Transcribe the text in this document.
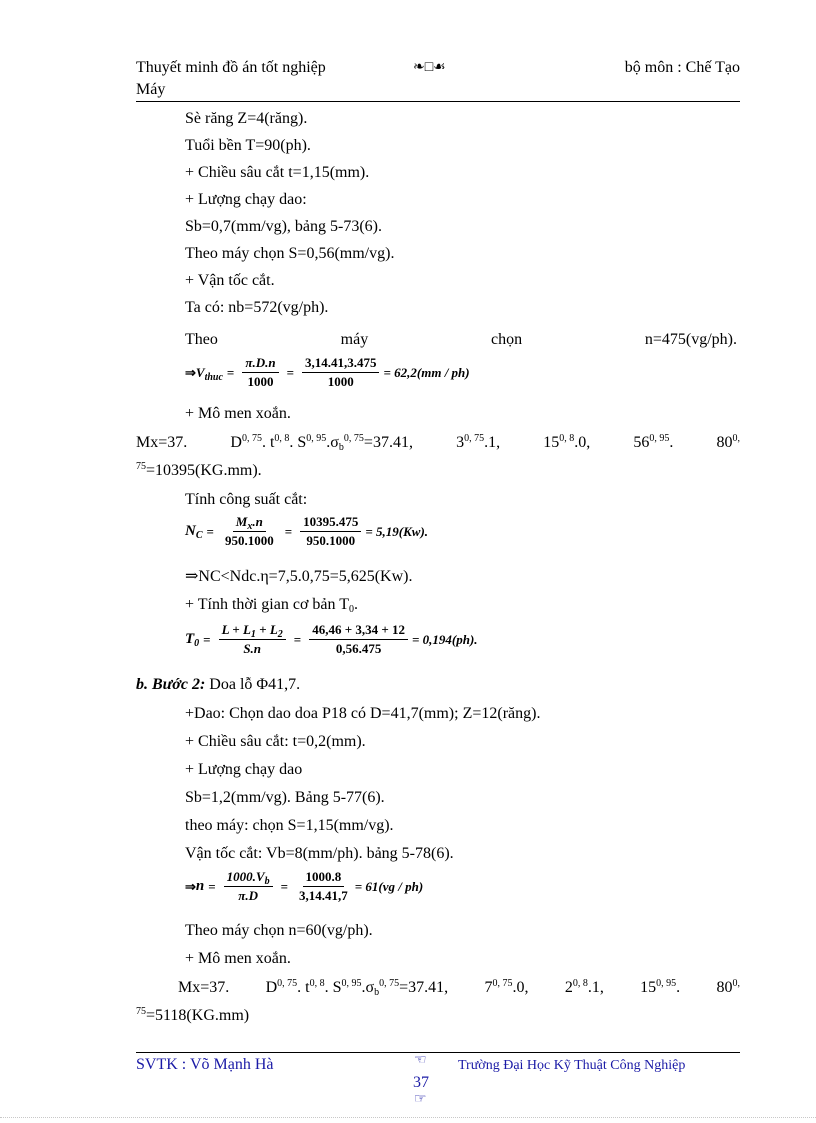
Thuyết minh đồ án tốt nghiệp	❧□☙	bộ môn : Chế Tạo
Máy
Sè răng Z=4(răng).
Tuổi bền T=90(ph).
+ Chiều sâu cắt t=1,15(mm).
+ Lượng chạy dao:
Sb=0,7(mm/vg), bảng 5-73(6).
Theo máy chọn S=0,56(mm/vg).
+ Vận tốc cắt.
Ta có: nb=572(vg/ph).
Theo	máy	chọn	n=475(vg/ph).
⇒ $V_{thuc} = \frac{\pi.D.n}{1000} = \frac{3,14.41,3.475}{1000} = 62,2(mm / ph)$
+ Mô men xoắn.
Mx=37.	D$^{0, 75}$. $t^{0, 8}$. $S^{0, 95}.\sigma_b^{0, 75}=37.41$,	3$^{0, 75}$.1,	15$^{0, 8}$.0,	56$^{0, 95}$.	$80^{0,}$
$^{75}$=10395(KG.mm).
Tính công suất cắt:
$N_C = \frac{M_x.n}{950.1000} = \frac{10395.475}{950.1000} = 5,19(Kw)$.
⇒NC<Ndc.η=7,5.0,75=5,625(Kw).
+ Tính thời gian cơ bản $T_0$.
$T_0 = \frac{L + L_1 + L_2}{S.n} = \frac{46,46 + 3,34 + 12}{0,56.475} = 0,194(ph)$.
b. Bước 2: Doa lỗ Φ41,7.
+Dao: Chọn dao doa P18 có D=41,7(mm); Z=12(răng).
+ Chiều sâu cắt: t=0,2(mm).
+ Lượng chạy dao
Sb=1,2(mm/vg). Bảng 5-77(6).
theo máy: chọn S=1,15(mm/vg).
Vận tốc cắt: Vb=8(mm/ph). bảng 5-78(6).
⇒ $n = \frac{1000.V_b}{\pi.D} = \frac{1000.8}{3,14.41,7} = 61(vg / ph)$
Theo máy chọn n=60(vg/ph).
+ Mô men xoắn.
Mx=37. D$^{0, 75}$. $t^{0, 8}$. $S^{0, 95}.\sigma_b^{0, 75}=37.41$, 7$^{0, 75}$.0, 2$^{0, 8}$.1, 15$^{0, 95}$. $80^{0,}$
$^{75}$=5118(KG.mm)
SVTK : Võ Mạnh Hà	☜
37
☞
Trường Đại Học Kỹ Thuật Công Nghiệp
